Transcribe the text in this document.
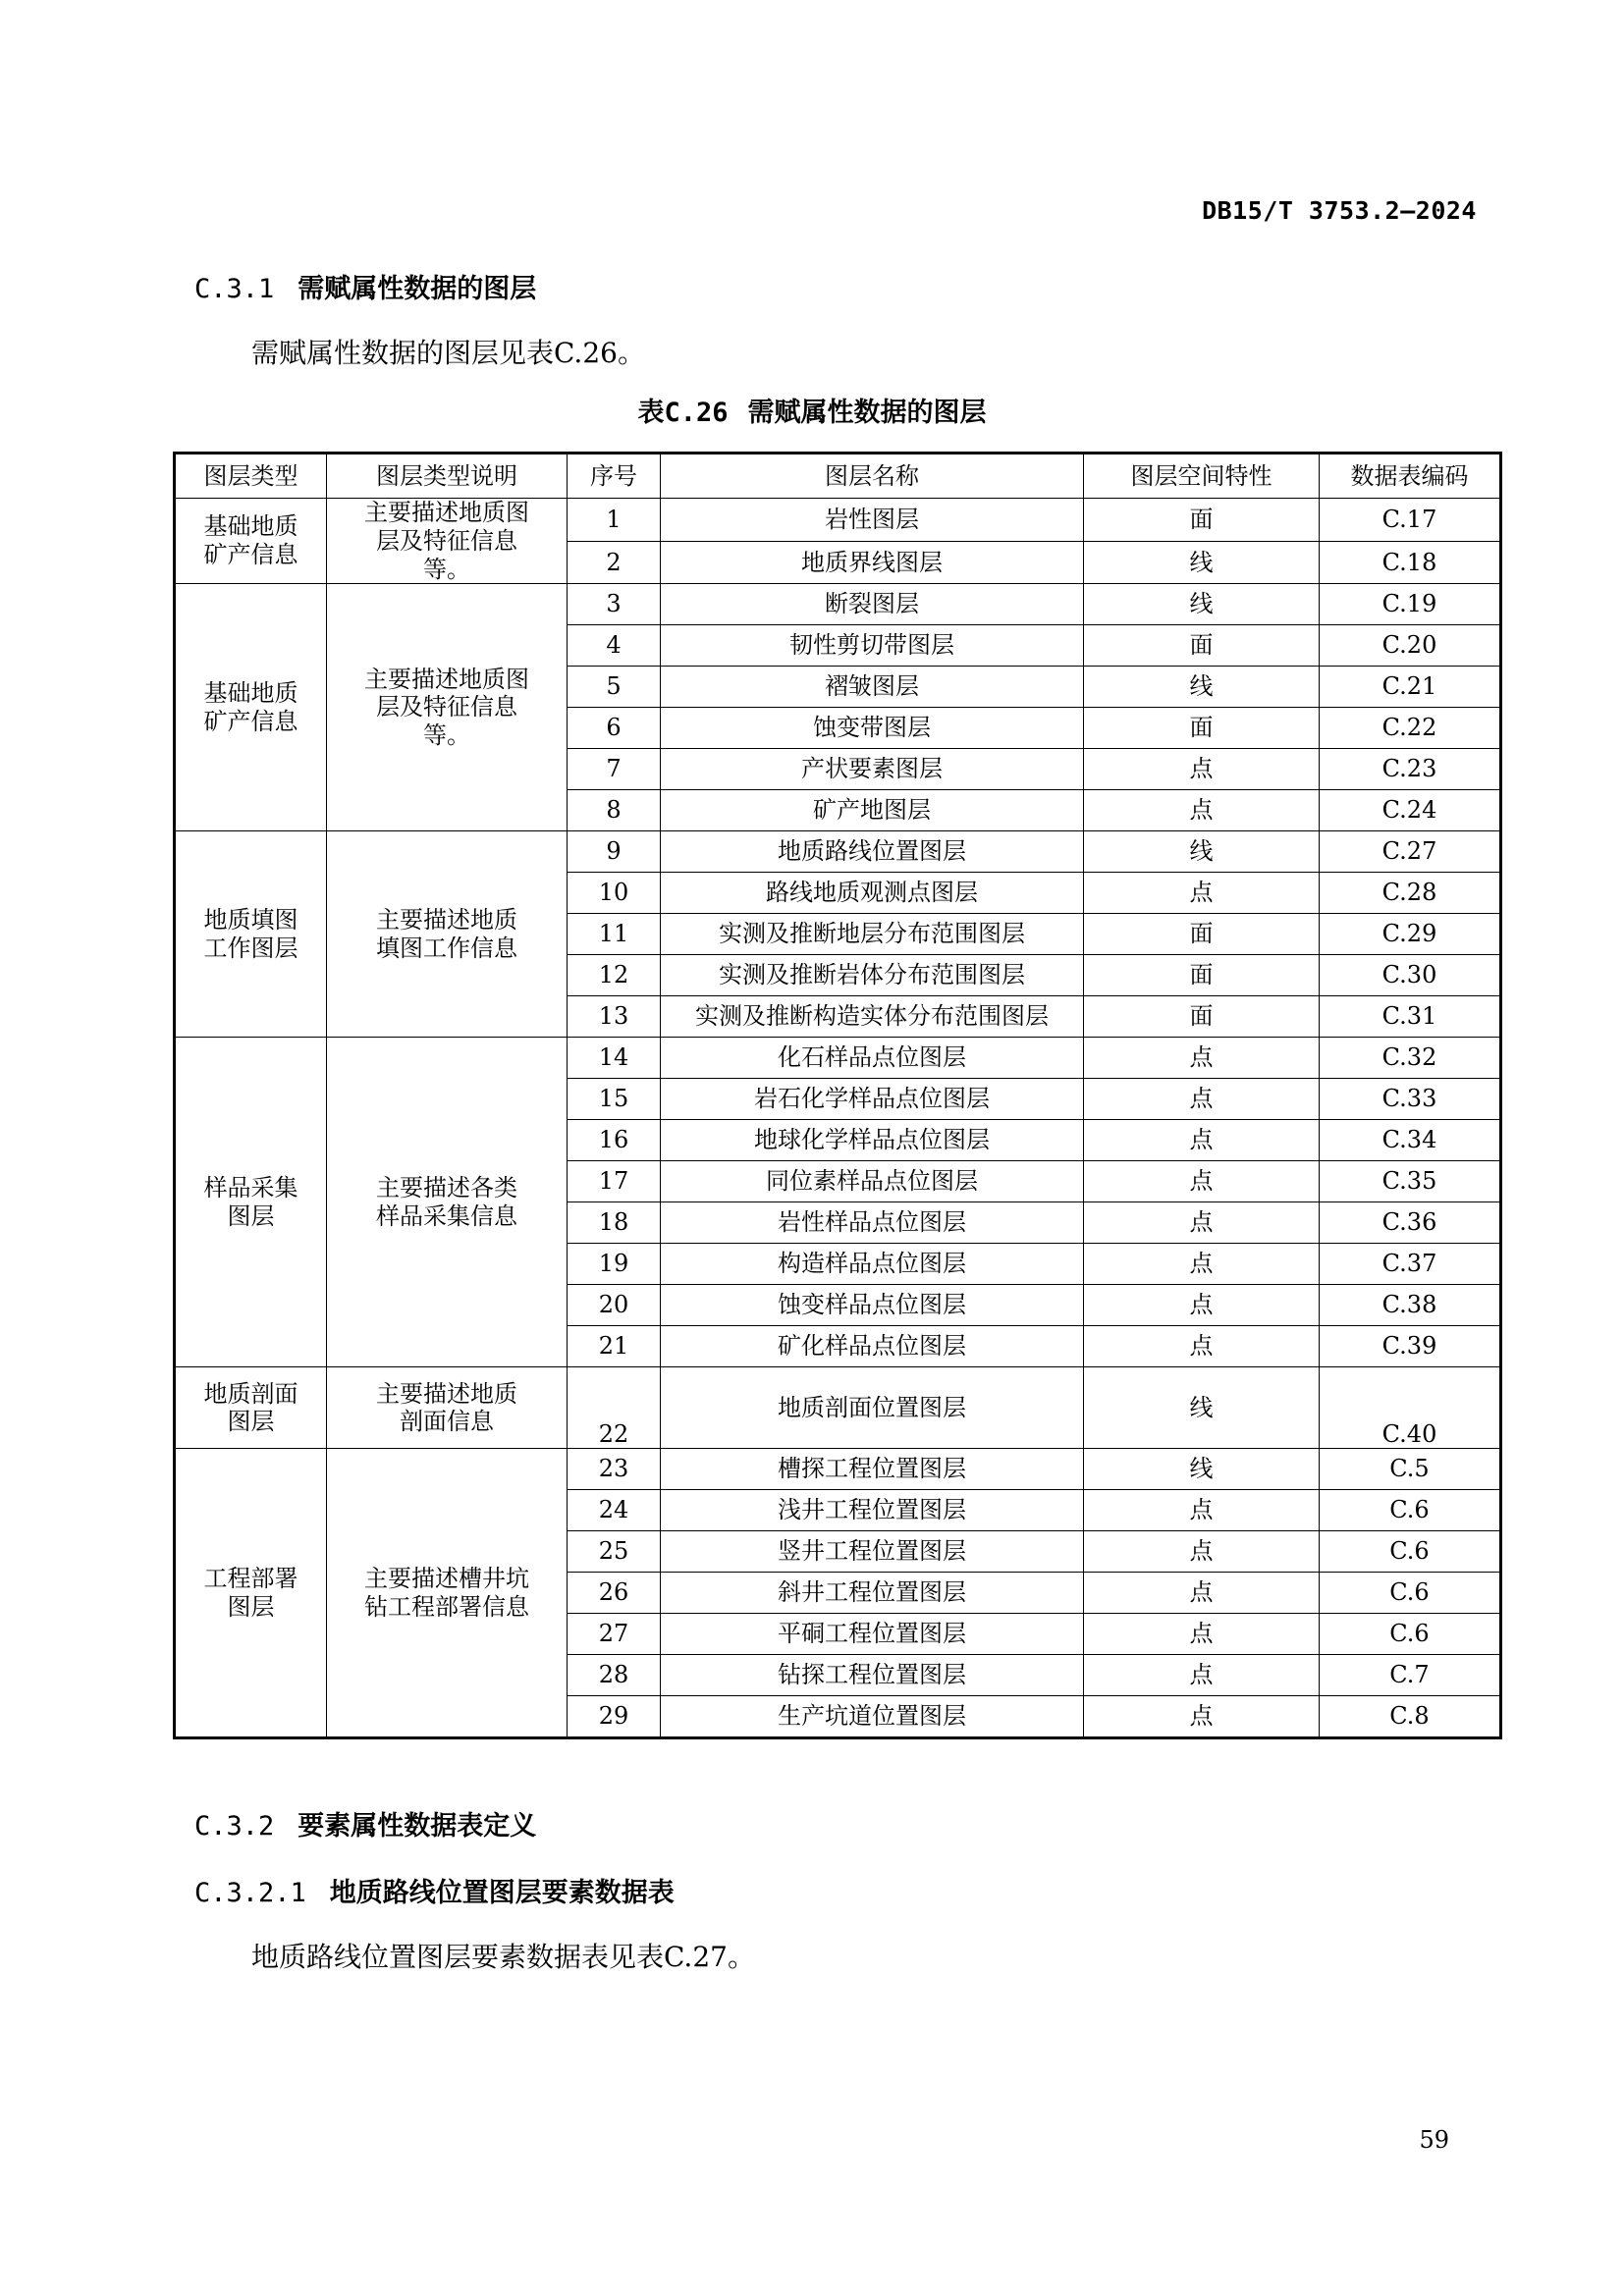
DB15/T 3753.2—2024
C.3.1 需赋属性数据的图层
需赋属性数据的图层见表C.26。
表C.26 需赋属性数据的图层
图层类型	图层类型说明	序号	图层名称	图层空间特性	数据表编码
基础地质矿产信息	主要描述地质图层及特征信息等。	1	岩性图层	面	C.17
		2	地质界线图层	线	C.18
基础地质矿产信息	主要描述地质图层及特征信息等。	3	断裂图层	线	C.19
		4	韧性剪切带图层	面	C.20
		5	褶皱图层	线	C.21
		6	蚀变带图层	面	C.22
		7	产状要素图层	点	C.23
		8	矿产地图层	点	C.24
地质填图工作图层	主要描述地质填图工作信息	9	地质路线位置图层	线	C.27
		10	路线地质观测点图层	点	C.28
		11	实测及推断地层分布范围图层	面	C.29
		12	实测及推断岩体分布范围图层	面	C.30
		13	实测及推断构造实体分布范围图层	面	C.31
样品采集图层	主要描述各类样品采集信息	14	化石样品点位图层	点	C.32
		15	岩石化学样品点位图层	点	C.33
		16	地球化学样品点位图层	点	C.34
		17	同位素样品点位图层	点	C.35
		18	岩性样品点位图层	点	C.36
		19	构造样品点位图层	点	C.37
		20	蚀变样品点位图层	点	C.38
		21	矿化样品点位图层	点	C.39
地质剖面图层	主要描述地质剖面信息	22	地质剖面位置图层	线	C.40
工程部署图层	主要描述槽井坑钻工程部署信息	23	槽探工程位置图层	线	C.5
		24	浅井工程位置图层	点	C.6
		25	竖井工程位置图层	点	C.6
		26	斜井工程位置图层	点	C.6
		27	平硐工程位置图层	点	C.6
		28	钻探工程位置图层	点	C.7
		29	生产坑道位置图层	点	C.8
C.3.2 要素属性数据表定义
C.3.2.1 地质路线位置图层要素数据表
地质路线位置图层要素数据表见表C.27。
59
